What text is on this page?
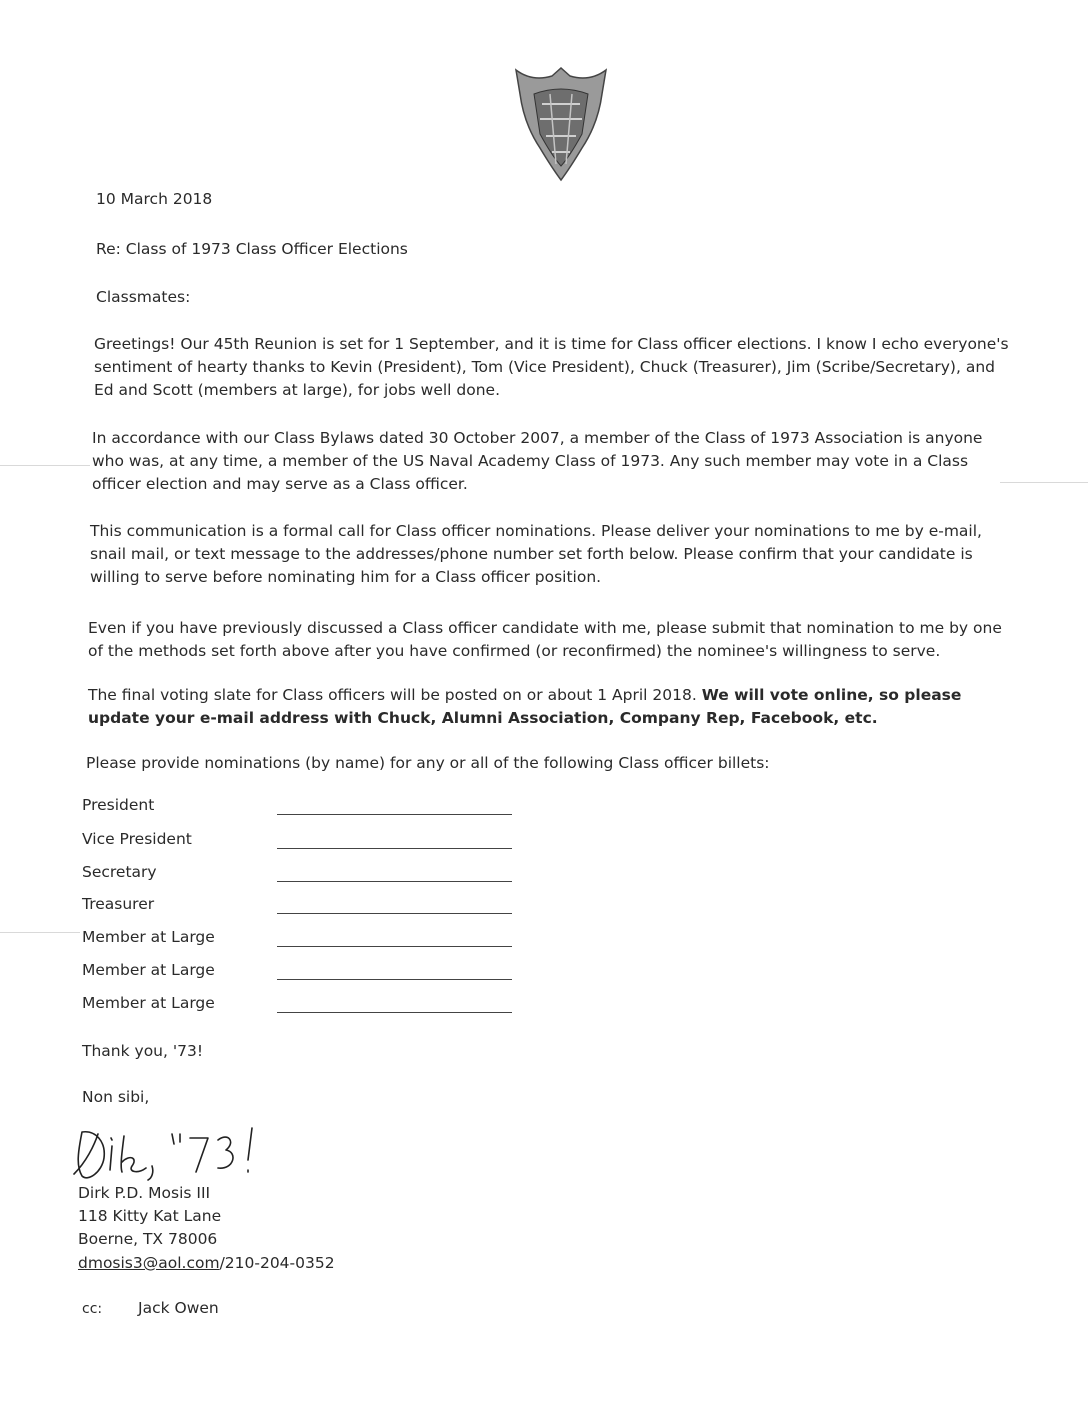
10 March 2018
Re: Class of 1973 Class Officer Elections
Classmates:
Greetings! Our 45th Reunion is set for 1 September, and it is time for Class officer elections. I know I echo everyone's sentiment of hearty thanks to Kevin (President), Tom (Vice President), Chuck (Treasurer), Jim (Scribe/Secretary), and Ed and Scott (members at large), for jobs well done.
In accordance with our Class Bylaws dated 30 October 2007, a member of the Class of 1973 Association is anyone who was, at any time, a member of the US Naval Academy Class of 1973. Any such member may vote in a Class officer election and may serve as a Class officer.
This communication is a formal call for Class officer nominations. Please deliver your nominations to me by e-mail, snail mail, or text message to the addresses/phone number set forth below. Please confirm that your candidate is willing to serve before nominating him for a Class officer position.
Even if you have previously discussed a Class officer candidate with me, please submit that nomination to me by one of the methods set forth above after you have confirmed (or reconfirmed) the nominee's willingness to serve.
The final voting slate for Class officers will be posted on or about 1 April 2018. We will vote online, so please update your e-mail address with Chuck, Alumni Association, Company Rep, Facebook, etc.
Please provide nominations (by name) for any or all of the following Class officer billets:
President
Vice President
Secretary
Treasurer
Member at Large
Member at Large
Member at Large
Thank you, '73!
Non sibi,
Dirk P.D. Mosis III
118 Kitty Kat Lane
Boerne, TX 78006
dmosis3@aol.com/210-204-0352
cc: Jack Owen
